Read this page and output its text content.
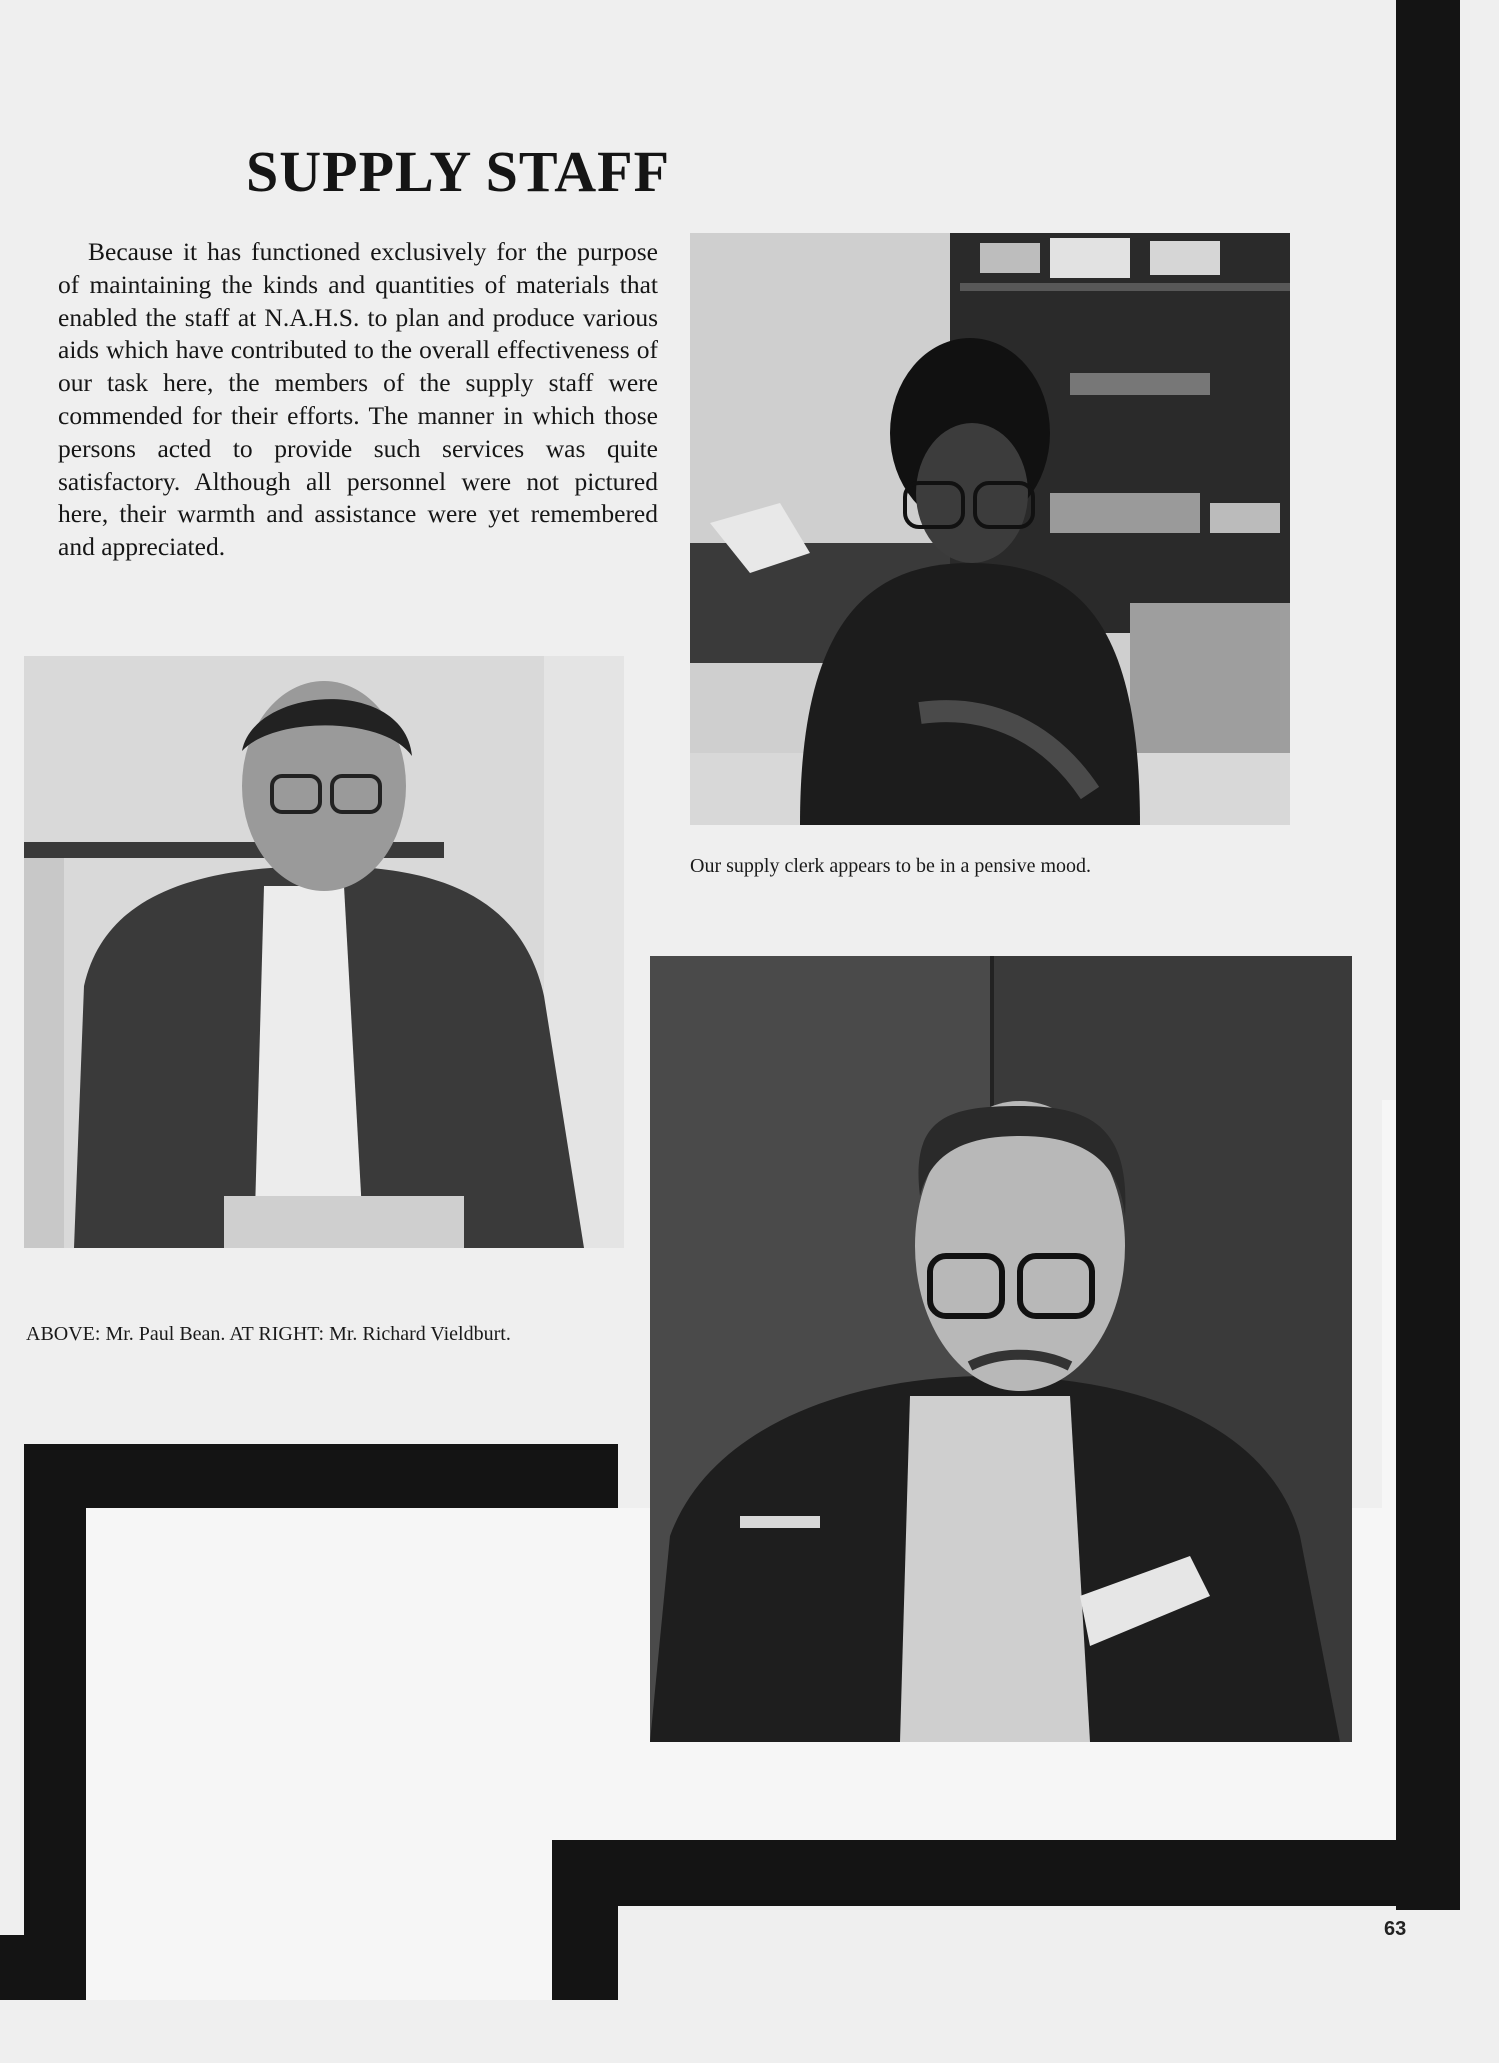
SUPPLY STAFF
Because it has functioned exclusively for the purpose of maintaining the kinds and quantities of materials that enabled the staff at N.A.H.S. to plan and produce various aids which have contributed to the overall effectiveness of our task here, the members of the supply staff were commended for their efforts. The manner in which those persons acted to provide such services was quite satisfactory. Although all personnel were not pictured here, their warmth and assistance were yet remembered and appreciated.
Our supply clerk appears to be in a pensive mood.
ABOVE: Mr. Paul Bean. AT RIGHT: Mr. Richard Vieldburt.
63
